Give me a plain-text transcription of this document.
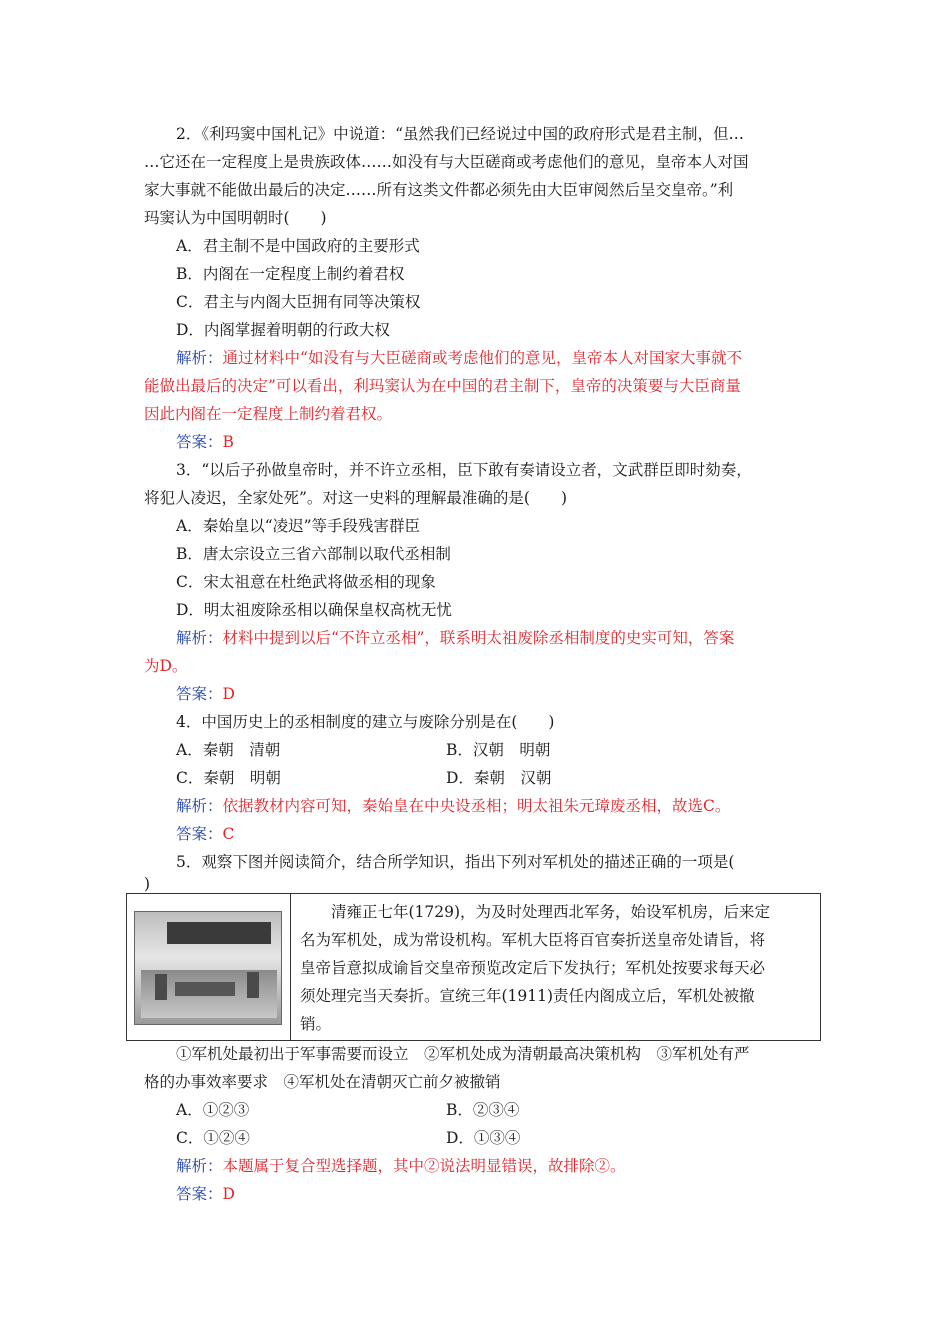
2．《利玛窦中国札记》中说道：“虽然我们已经说过中国的政府形式是君主制，但…
…它还在一定程度上是贵族政体……如没有与大臣磋商或考虑他们的意见，皇帝本人对国
家大事就不能做出最后的决定……所有这类文件都必须先由大臣审阅然后呈交皇帝。”利
玛窦认为中国明朝时(　　)
A．君主制不是中国政府的主要形式
B．内阁在一定程度上制约着君权
C．君主与内阁大臣拥有同等决策权
D．内阁掌握着明朝的行政大权
解析：通过材料中“如没有与大臣磋商或考虑他们的意见，皇帝本人对国家大事就不
能做出最后的决定”可以看出，利玛窦认为在中国的君主制下，皇帝的决策要与大臣商量
因此内阁在一定程度上制约着君权。
答案：B
3．“以后子孙做皇帝时，并不许立丞相，臣下敢有奏请设立者，文武群臣即时劾奏，
将犯人凌迟，全家处死”。对这一史料的理解最准确的是(　　)
A．秦始皇以“凌迟”等手段残害群臣
B．唐太宗设立三省六部制以取代丞相制
C．宋太祖意在杜绝武将做丞相的现象
D．明太祖废除丞相以确保皇权高枕无忧
解析：材料中提到以后“不许立丞相”，联系明太祖废除丞相制度的史实可知，答案
为D。
答案：D
4．中国历史上的丞相制度的建立与废除分别是在(　　)
A．秦朝　清朝	B．汉朝　明朝
C．秦朝　明朝	D．秦朝　汉朝
解析：依据教材内容可知，秦始皇在中央设丞相；明太祖朱元璋废丞相，故选C。
答案：C
5．观察下图并阅读简介，结合所学知识，指出下列对军机处的描述正确的一项是(
)
　　清雍正七年(1729)，为及时处理西北军务，始设军机房，后来定
名为军机处，成为常设机构。军机大臣将百官奏折送皇帝处请旨，将
皇帝旨意拟成谕旨交皇帝预览改定后下发执行；军机处按要求每天必
须处理完当天奏折。宣统三年(1911)责任内阁成立后，军机处被撤
销。
①军机处最初出于军事需要而设立　②军机处成为清朝最高决策机构　③军机处有严
格的办事效率要求　④军机处在清朝灭亡前夕被撤销
A．①②③	B．②③④
C．①②④	D．①③④
解析：本题属于复合型选择题，其中②说法明显错误，故排除②。
答案：D
